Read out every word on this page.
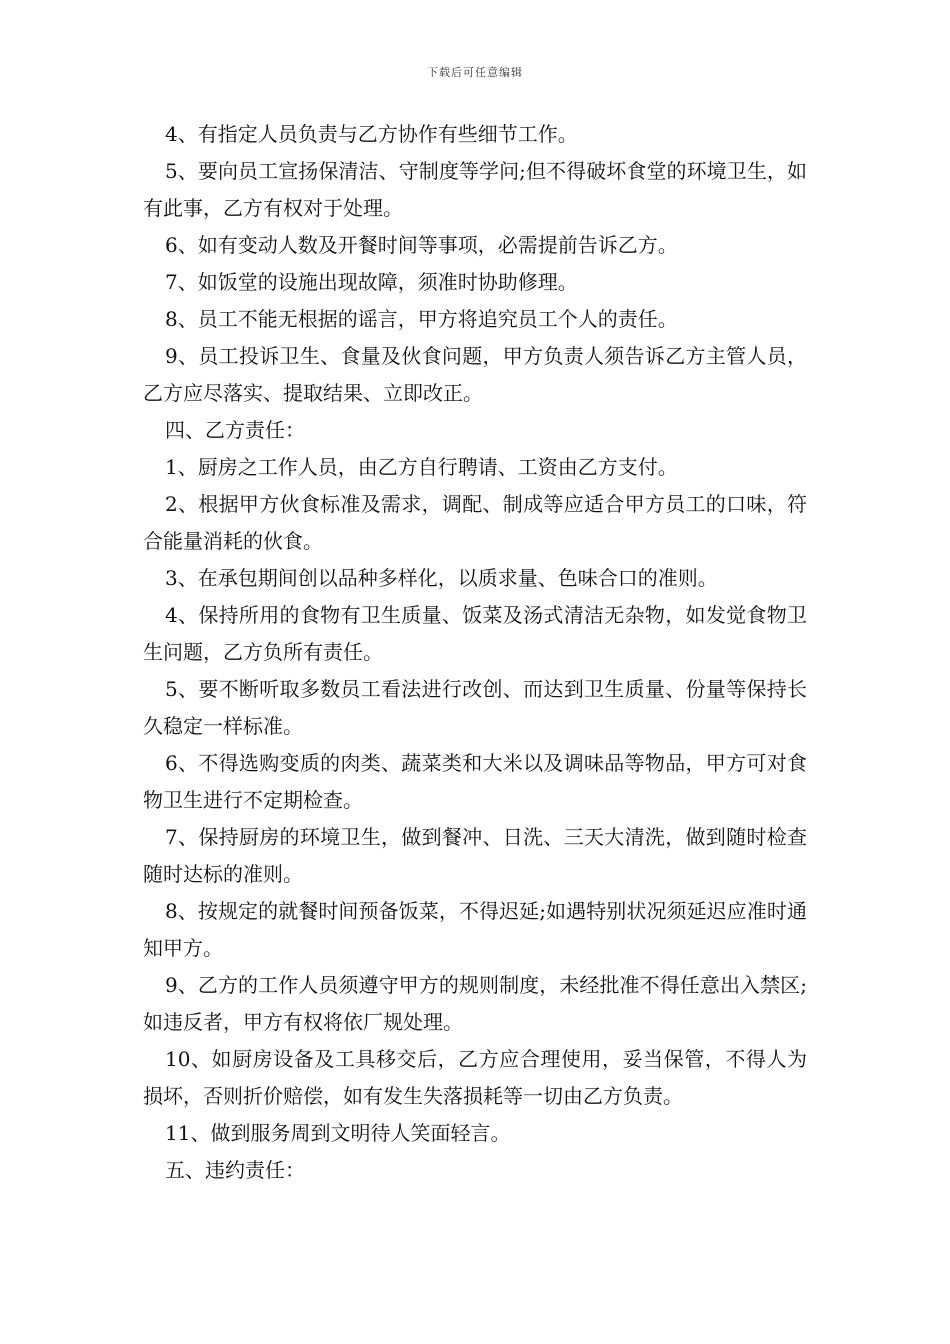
下载后可任意编辑

4、有指定人员负责与乙方协作有些细节工作。

5、要向员工宣扬保清洁、守制度等学问;但不得破坏食堂的环境卫生，如有此事，乙方有权对于处理。

6、如有变动人数及开餐时间等事项，必需提前告诉乙方。

7、如饭堂的设施出现故障，须准时协助修理。

8、员工不能无根据的谣言，甲方将追究员工个人的责任。

9、员工投诉卫生、食量及伙食问题，甲方负责人须告诉乙方主管人员，乙方应尽落实、提取结果、立即改正。

四、乙方责任：

1、厨房之工作人员，由乙方自行聘请、工资由乙方支付。

2、根据甲方伙食标准及需求，调配、制成等应适合甲方员工的口味，符合能量消耗的伙食。

3、在承包期间创以品种多样化，以质求量、色味合口的准则。

4、保持所用的食物有卫生质量、饭菜及汤式清洁无杂物，如发觉食物卫生问题，乙方负所有责任。

5、要不断听取多数员工看法进行改创、而达到卫生质量、份量等保持长久稳定一样标准。

6、不得选购变质的肉类、蔬菜类和大米以及调味品等物品，甲方可对食物卫生进行不定期检查。

7、保持厨房的环境卫生，做到餐冲、日洗、三天大清洗，做到随时检查随时达标的准则。

8、按规定的就餐时间预备饭菜，不得迟延;如遇特别状况须延迟应准时通知甲方。

9、乙方的工作人员须遵守甲方的规则制度，未经批准不得任意出入禁区;如违反者，甲方有权将依厂规处理。

10、如厨房设备及工具移交后，乙方应合理使用，妥当保管，不得人为损坏，否则折价赔偿，如有发生失落损耗等一切由乙方负责。

11、做到服务周到文明待人笑面轻言。

五、违约责任：
